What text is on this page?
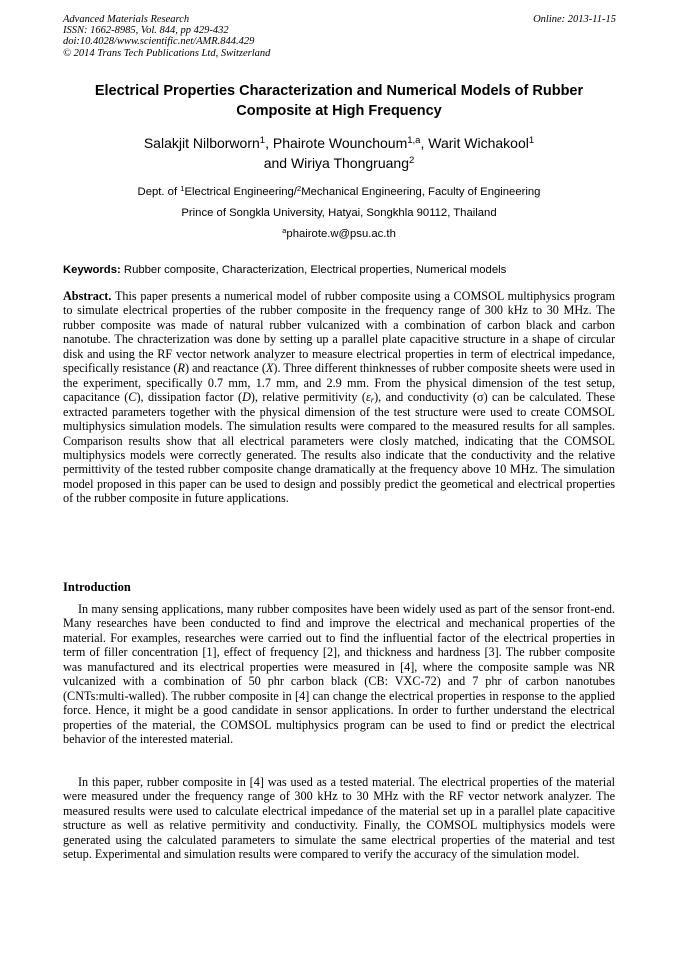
Advanced Materials Research
ISSN: 1662-8985, Vol. 844, pp 429-432
doi:10.4028/www.scientific.net/AMR.844.429
© 2014 Trans Tech Publications Ltd, Switzerland
Online: 2013-11-15
Electrical Properties Characterization and Numerical Models of Rubber
Composite at High Frequency
Salakjit Nilborworn$^1$, Phairote Wounchoum$^{1,a}$, Warit Wichakool$^1$
and Wiriya Thongruang$^2$
Dept. of $^1$Electrical Engineering/$^2$Mechanical Engineering, Faculty of Engineering
Prince of Songkla University, Hatyai, Songkhla 90112, Thailand
$^a$phairote.w@psu.ac.th
Keywords: Rubber composite, Characterization, Electrical properties, Numerical models
Abstract. This paper presents a numerical model of rubber composite using a COMSOL multiphysics program to simulate electrical properties of the rubber composite in the frequency range of 300 kHz to 30 MHz. The rubber composite was made of natural rubber vulcanized with a combination of carbon black and carbon nanotube. The chracterization was done by setting up a parallel plate capacitive structure in a shape of circular disk and using the RF vector network analyzer to measure electrical properties in term of electrical impedance, specifically resistance (R) and reactance (X). Three different thinknesses of rubber composite sheets were used in the experiment, specifically 0.7 mm, 1.7 mm, and 2.9 mm. From the physical dimension of the test setup, capacitance (C), dissipation factor (D), relative permitivity $(\varepsilon_r)$, and conductivity (σ) can be calculated. These extracted parameters together with the physical dimension of the test structure were used to create COMSOL multiphysics simulation models. The simulation results were compared to the measured results for all samples. Comparison results show that all electrical parameters were closly matched, indicating that the COMSOL multiphysics models were correctly generated. The results also indicate that the conductivity and the relative permittivity of the tested rubber composite change dramatically at the frequency above 10 MHz. The simulation model proposed in this paper can be used to design and possibly predict the geometical and electrical properties of the rubber composite in future applications.
Introduction
In many sensing applications, many rubber composites have been widely used as part of the sensor front-end. Many researches have been conducted to find and improve the electrical and mechanical properties of the material. For examples, researches were carried out to find the influential factor of the electrical properties in term of filler concentration [1], effect of frequency [2], and thickness and hardness [3]. The rubber composite was manufactured and its electrical properties were measured in [4], where the composite sample was NR vulcanized with a combination of 50 phr carbon black (CB: VXC-72) and 7 phr of carbon nanotubes (CNTs:multi-walled). The rubber composite in [4] can change the electrical properties in response to the applied force. Hence, it might be a good candidate in sensor applications. In order to further understand the electrical properties of the material, the COMSOL multiphysics program can be used to find or predict the electrical behavior of the interested material.
In this paper, rubber composite in [4] was used as a tested material. The electrical properties of the material were measured under the frequency range of 300 kHz to 30 MHz with the RF vector network analyzer. The measured results were used to calculate electrical impedance of the material set up in a parallel plate capacitive structure as well as relative permitivity and conductivity. Finally, the COMSOL multiphysics models were generated using the calculated parameters to simulate the same electrical properties of the material and test setup. Experimental and simulation results were compared to verify the accuracy of the simulation model.
